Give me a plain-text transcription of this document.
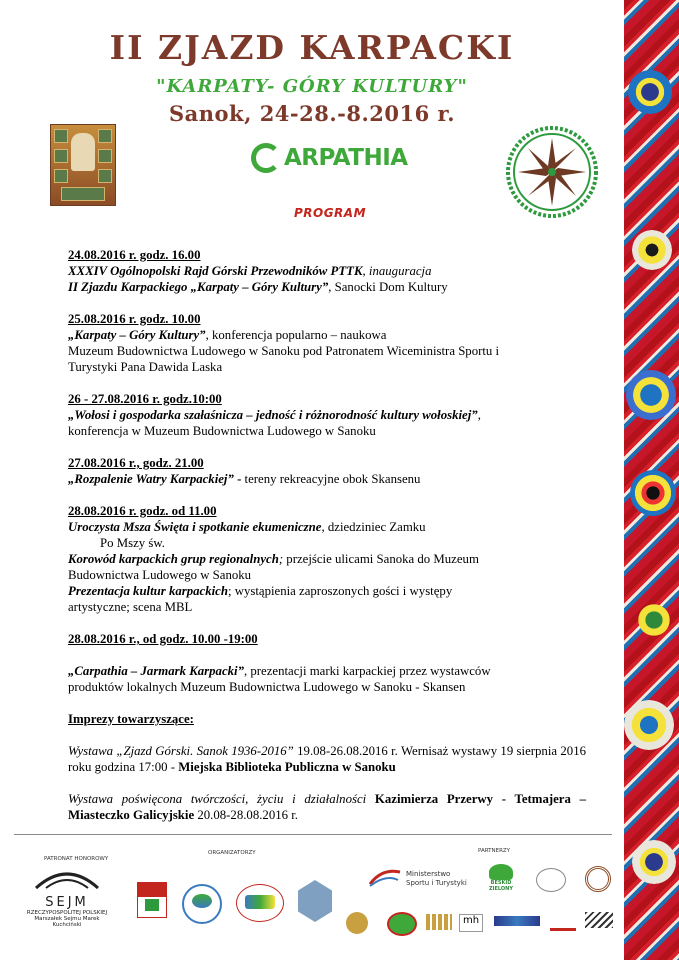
II ZJAZD KARPACKI
"KARPATY- GÓRY KULTURY"
Sanok, 24-28.-8.2016 r.
ARPATHIA
PROGRAM

24.08.2016 r. godz. 16.00

XXXIV Ogólnopolski Rajd Górski Przewodników PTTK, inauguracja

II Zjazdu Karpackiego „Karpaty – Góry Kultury”, Sanocki Dom Kultury

25.08.2016 r. godz. 10.00

„Karpaty – Góry Kultury”, konferencja popularno – naukowa

Muzeum Budownictwa Ludowego w Sanoku pod Patronatem Wiceministra Sportu i

Turystyki Pana Dawida Laska

26 - 27.08.2016 r. godz.10:00

„Wołosi i gospodarka szałaśnicza – jedność i różnorodność kultury wołoskiej”,

konferencja w Muzeum Budownictwa Ludowego w Sanoku

27.08.2016 r., godz. 21.00

„Rozpalenie Watry Karpackiej” - tereny rekreacyjne obok Skansenu

28.08.2016 r. godz. od 11.00

Uroczysta Msza Święta i spotkanie ekumeniczne, dziedziniec Zamku

Po Mszy św.

Korowód karpackich grup regionalnych; przejście ulicami Sanoka do Muzeum

Budownictwa Ludowego w Sanoku

Prezentacja kultur karpackich; wystąpienia zaproszonych gości i występy

artystyczne; scena MBL

28.08.2016 r., od godz. 10.00 -19:00

„Carpathia – Jarmark Karpacki”, prezentacji marki karpackiej przez wystawców

produktów lokalnych Muzeum Budownictwa Ludowego w Sanoku - Skansen

Imprezy towarzyszące:

Wystawa „Zjazd Górski. Sanok 1936-2016” 19.08-26.08.2016 r. Wernisaż wystawy 19 sierpnia 2016 roku godzina 17:00 - Miejska Biblioteka Publiczna w Sanoku

Wystawa poświęcona twórczości, życiu i działalności Kazimierza Przerwy - Tetmajera – Miasteczko Galicyjskie 20.08-28.08.2016 r.

PATRONAT HONOROWY
ORGANIZATORZY	PARTNERZY
SEJM
RZECZYPOSPOLITEJ POLSKIEJ
Marszałek Sejmu Marek Kuchciński	mh
Ministerstwo Sportu i Turystyki	BESKID ZIELONY
